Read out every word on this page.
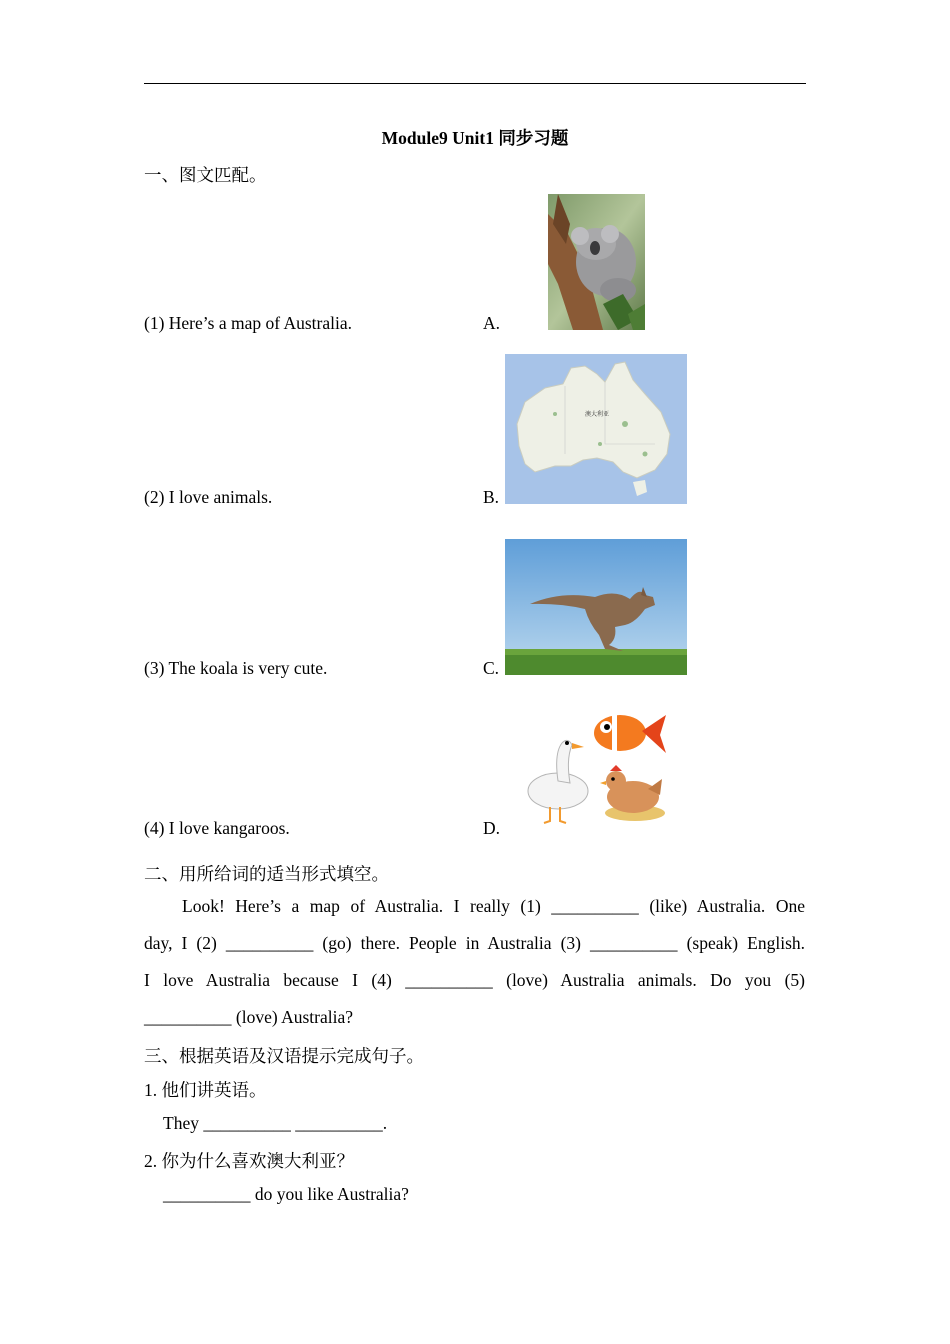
Module9 Unit1 同步习题
一、图文匹配。
(1) Here’s a map of Australia.	A.
(2) I love animals.	B.
(3) The koala is very cute.	C.
(4) I love kangaroos.	D.
澳大利亚
二、用所给词的适当形式填空。
Look! Here’s a map of Australia. I really (1) __________ (like) Australia. One
day, I (2) __________ (go) there. People in Australia (3) __________ (speak) English.
I love Australia because I (4) __________ (love) Australia animals. Do you (5)
__________ (love) Australia?
三、根据英语及汉语提示完成句子。
1. 他们讲英语。
They __________ __________.
2. 你为什么喜欢澳大利亚？
__________ do you like Australia?
